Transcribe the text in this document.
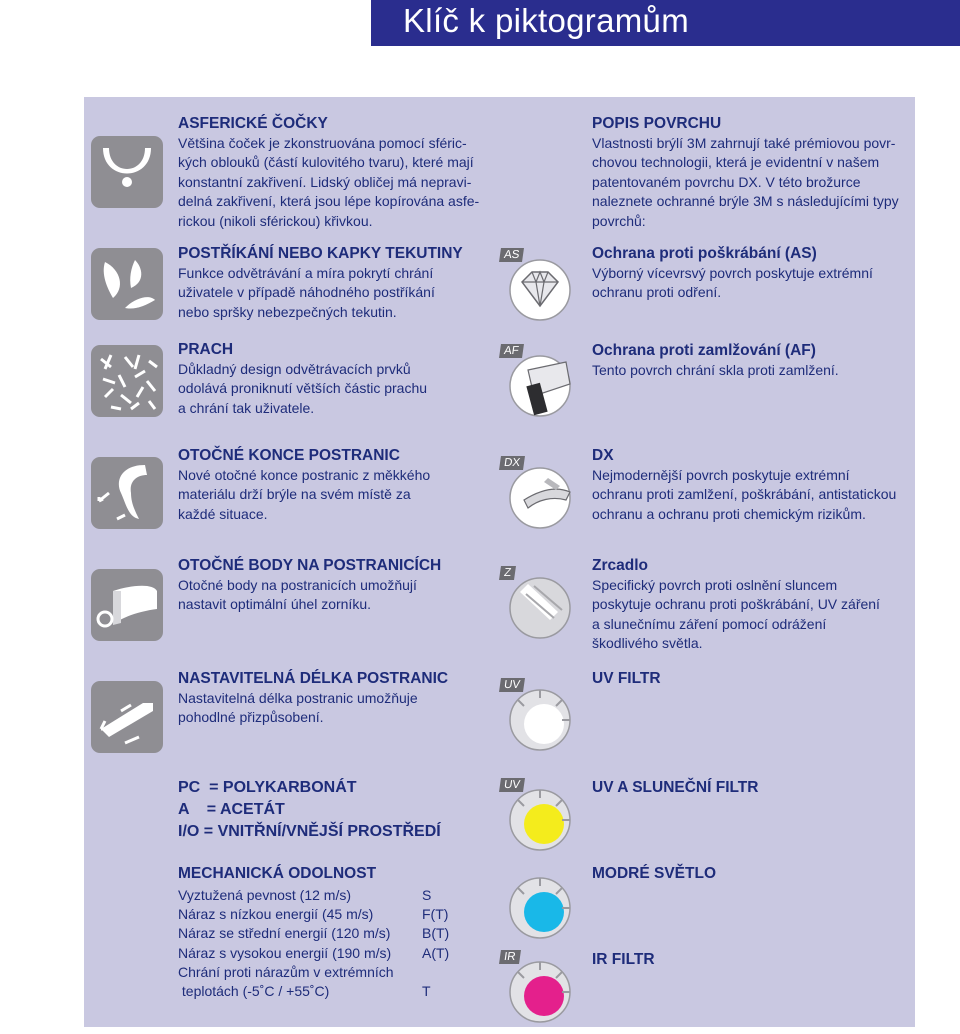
Klíč k piktogramům
ASFERICKÉ ČOČKY
Většina čoček je zkonstruována pomocí sféric-
kých oblouků (částí kulovitého tvaru), které mají
konstantní zakřivení. Lidský obličej má nepravi-
delná zakřivení, která jsou lépe kopírována asfe-
rickou (nikoli sférickou) křivkou.
POSTŘÍKÁNÍ NEBO KAPKY TEKUTINY
Funkce odvětrávání a míra pokrytí chrání
uživatele v případě náhodného postříkání
nebo spršky nebezpečných tekutin.
PRACH
Důkladný design odvětrávacích prvků
odolává proniknutí větších částic prachu
a chrání tak uživatele.
OTOČNÉ KONCE POSTRANIC
Nové otočné konce postranic z měkkého
materiálu drží brýle na svém místě za
každé situace.
OTOČNÉ BODY NA POSTRANICÍCH
Otočné body na postranicích umožňují
nastavit optimální úhel zorníku.
NASTAVITELNÁ DÉLKA POSTRANIC
Nastavitelná délka postranic umožňuje
pohodlné přizpůsobení.
PC  = POLYKARBONÁT
A    = ACETÁT
I/O = VNITŘNÍ/VNĚJŠÍ PROSTŘEDÍ
MECHANICKÁ ODOLNOST
Vyztužená pevnost (12 m/s)	S
Náraz s nízkou energií (45 m/s)	F(T)
Náraz se střední energií (120 m/s)	B(T)
Náraz s vysokou energií (190 m/s)	A(T)
Chrání proti nárazům v extrémních
teplotách (-5˚C / +55˚C)	T
AS
AF
DX
Z
UV
UV
IR
POPIS POVRCHU
Vlastnosti brýlí 3M zahrnují také prémiovou povr-
chovou technologii, která je evidentní v našem
patentovaném povrchu DX. V této brožurce
naleznete ochranné brýle 3M s následujícími typy
povrchů:
Ochrana proti poškrábání (AS)
Výborný vícevrsvý povrch poskytuje extrémní
ochranu proti odření.
Ochrana proti zamlžování (AF)
Tento povrch chrání skla proti zamlžení.
DX
Nejmodernější povrch poskytuje extrémní
ochranu proti zamlžení, poškrábání, antistatickou
ochranu a ochranu proti chemickým rizikům.
Zrcadlo
Specifický povrch proti oslnění sluncem
poskytuje ochranu proti poškrábání, UV záření
a slunečnímu záření pomocí odrážení
škodlivého světla.
UV FILTR
UV A SLUNEČNÍ FILTR
MODRÉ SVĚTLO
IR FILTR
